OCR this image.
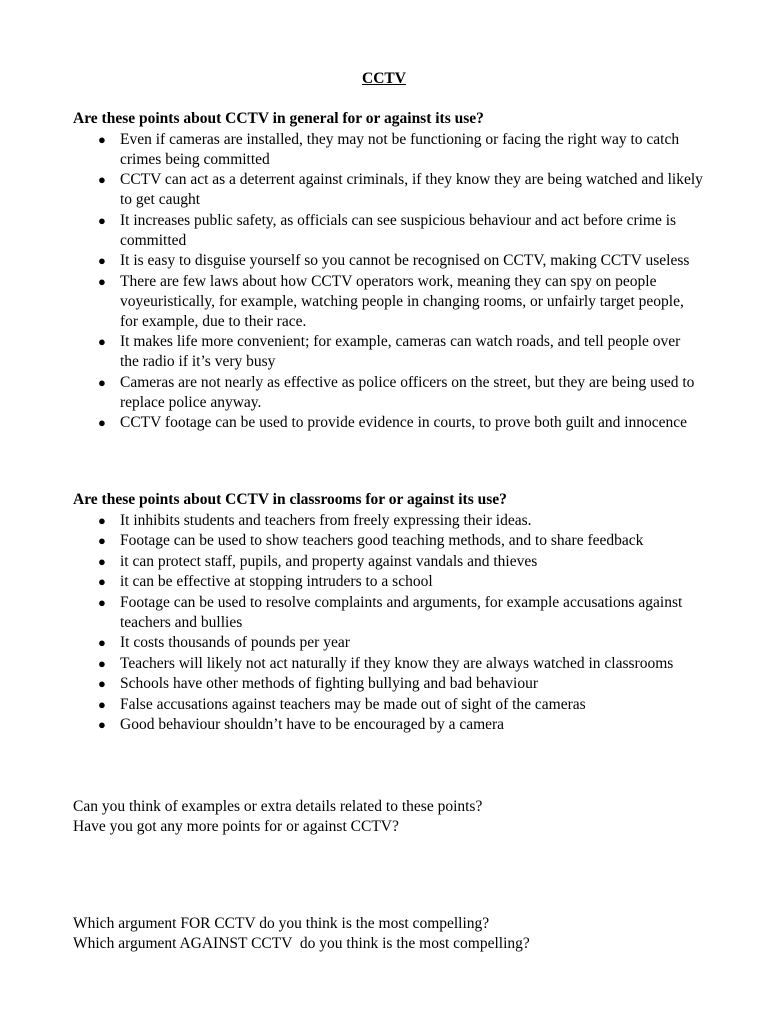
CCTV

Are these points about CCTV in general for or against its use?

● Even if cameras are installed, they may not be functioning or facing the right way to catch crimes being committed
● CCTV can act as a deterrent against criminals, if they know they are being watched and likely to get caught
● It increases public safety, as officials can see suspicious behaviour and act before crime is committed
● It is easy to disguise yourself so you cannot be recognised on CCTV, making CCTV useless
● There are few laws about how CCTV operators work, meaning they can spy on people voyeuristically, for example, watching people in changing rooms, or unfairly target people, for example, due to their race.
● It makes life more convenient; for example, cameras can watch roads, and tell people over the radio if it’s very busy
● Cameras are not nearly as effective as police officers on the street, but they are being used to replace police anyway.
● CCTV footage can be used to provide evidence in courts, to prove both guilt and innocence

Are these points about CCTV in classrooms for or against its use?

● It inhibits students and teachers from freely expressing their ideas.
● Footage can be used to show teachers good teaching methods, and to share feedback
● it can protect staff, pupils, and property against vandals and thieves
● it can be effective at stopping intruders to a school
● Footage can be used to resolve complaints and arguments, for example accusations against teachers and bullies
● It costs thousands of pounds per year
● Teachers will likely not act naturally if they know they are always watched in classrooms
● Schools have other methods of fighting bullying and bad behaviour
● False accusations against teachers may be made out of sight of the cameras
● Good behaviour shouldn’t have to be encouraged by a camera

Can you think of examples or extra details related to these points?

Have you got any more points for or against CCTV?

Which argument FOR CCTV do you think is the most compelling?

Which argument AGAINST CCTV  do you think is the most compelling?
